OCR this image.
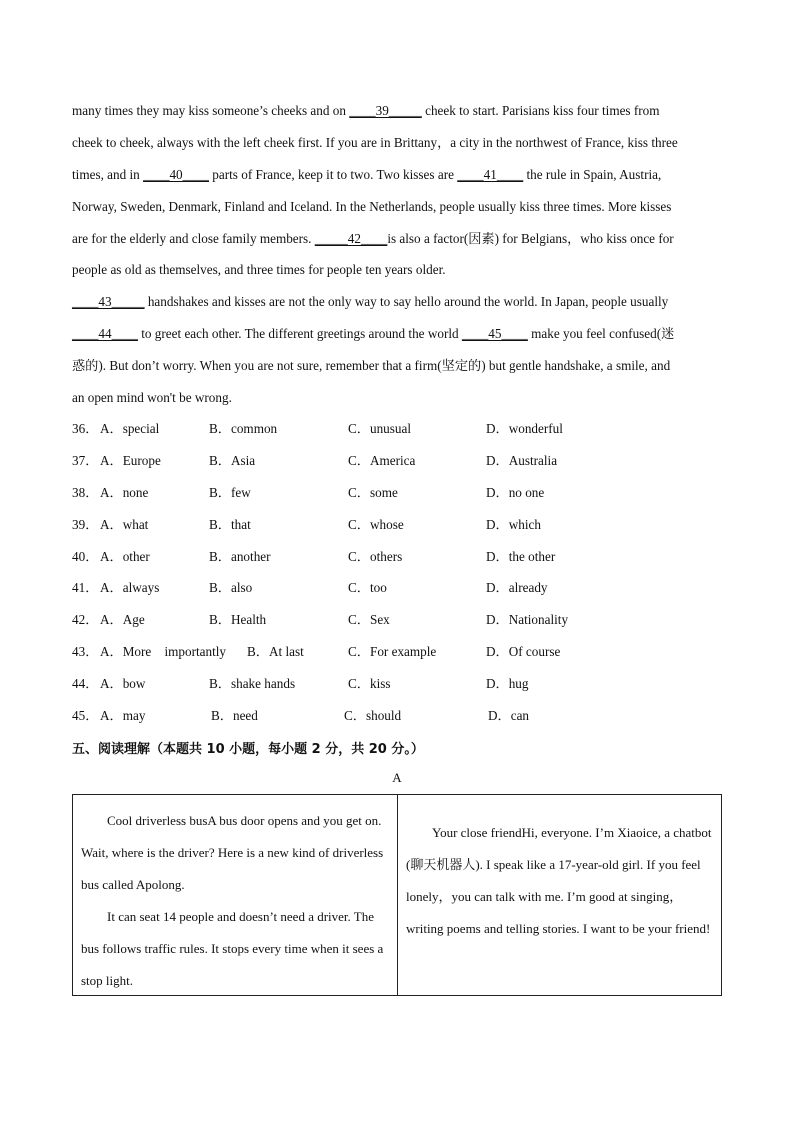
many times they may kiss someone’s cheeks and on ____39_____ cheek to start. Parisians kiss four times from
cheek to cheek, always with the left cheek first. If you are in Brittany，a city in the northwest of France, kiss three
times, and in ____40____ parts of France, keep it to two. Two kisses are ____41____ the rule in Spain, Austria,
Norway, Sweden, Denmark, Finland and Iceland. In the Netherlands, people usually kiss three times. More kisses
are for the elderly and close family members. _____42____is also a factor(因素) for Belgians，who kiss once for
people as old as themselves, and three times for people ten years older.
____43_____ handshakes and kisses are not the only way to say hello around the world. In Japan, people usually
____44____ to greet each other. The different greetings around the world ____45____ make you feel confused(迷
惑的). But don’t worry. When you are not sure, remember that a firm(坚定的) but gentle handshake, a smile, and
an open mind won't be wrong.
36． A．special	B．common	C．unusual	D．wonderful
37． A．Europe	B．Asia	C．America	D．Australia
38． A．none	B．few	C．some	D．no one
39． A．what	B．that	C．whose	D．which
40． A．other	B．another	C．others	D．the other
41． A．always	B．also	C．too	D．already
42． A．Age	B．Health	C．Sex	D．Nationality
43． A．More    importantly B．At last	C．For example	D．Of course
44． A．bow	B．shake hands	C．kiss	D．hug
45． A．may	B．need	C．should	D．can
五、阅读理解（本题共 10 小题，每小题 2 分，共 20 分。）
A

Cool driverless busA bus door opens and you get on. Wait, where is the driver? Here is a new kind of driverless bus called Apolong.

It can seat 14 people and doesn’t need a driver. The bus follows traffic rules. It stops every time when it sees a stop light.

Your close friendHi, everyone. I’m Xiaoice, a chatbot (聊天机器人). I speak like a 17-year-old girl. If you feel lonely，you can talk with me. I’m good at singing，writing poems and telling stories. I want to be your friend!
